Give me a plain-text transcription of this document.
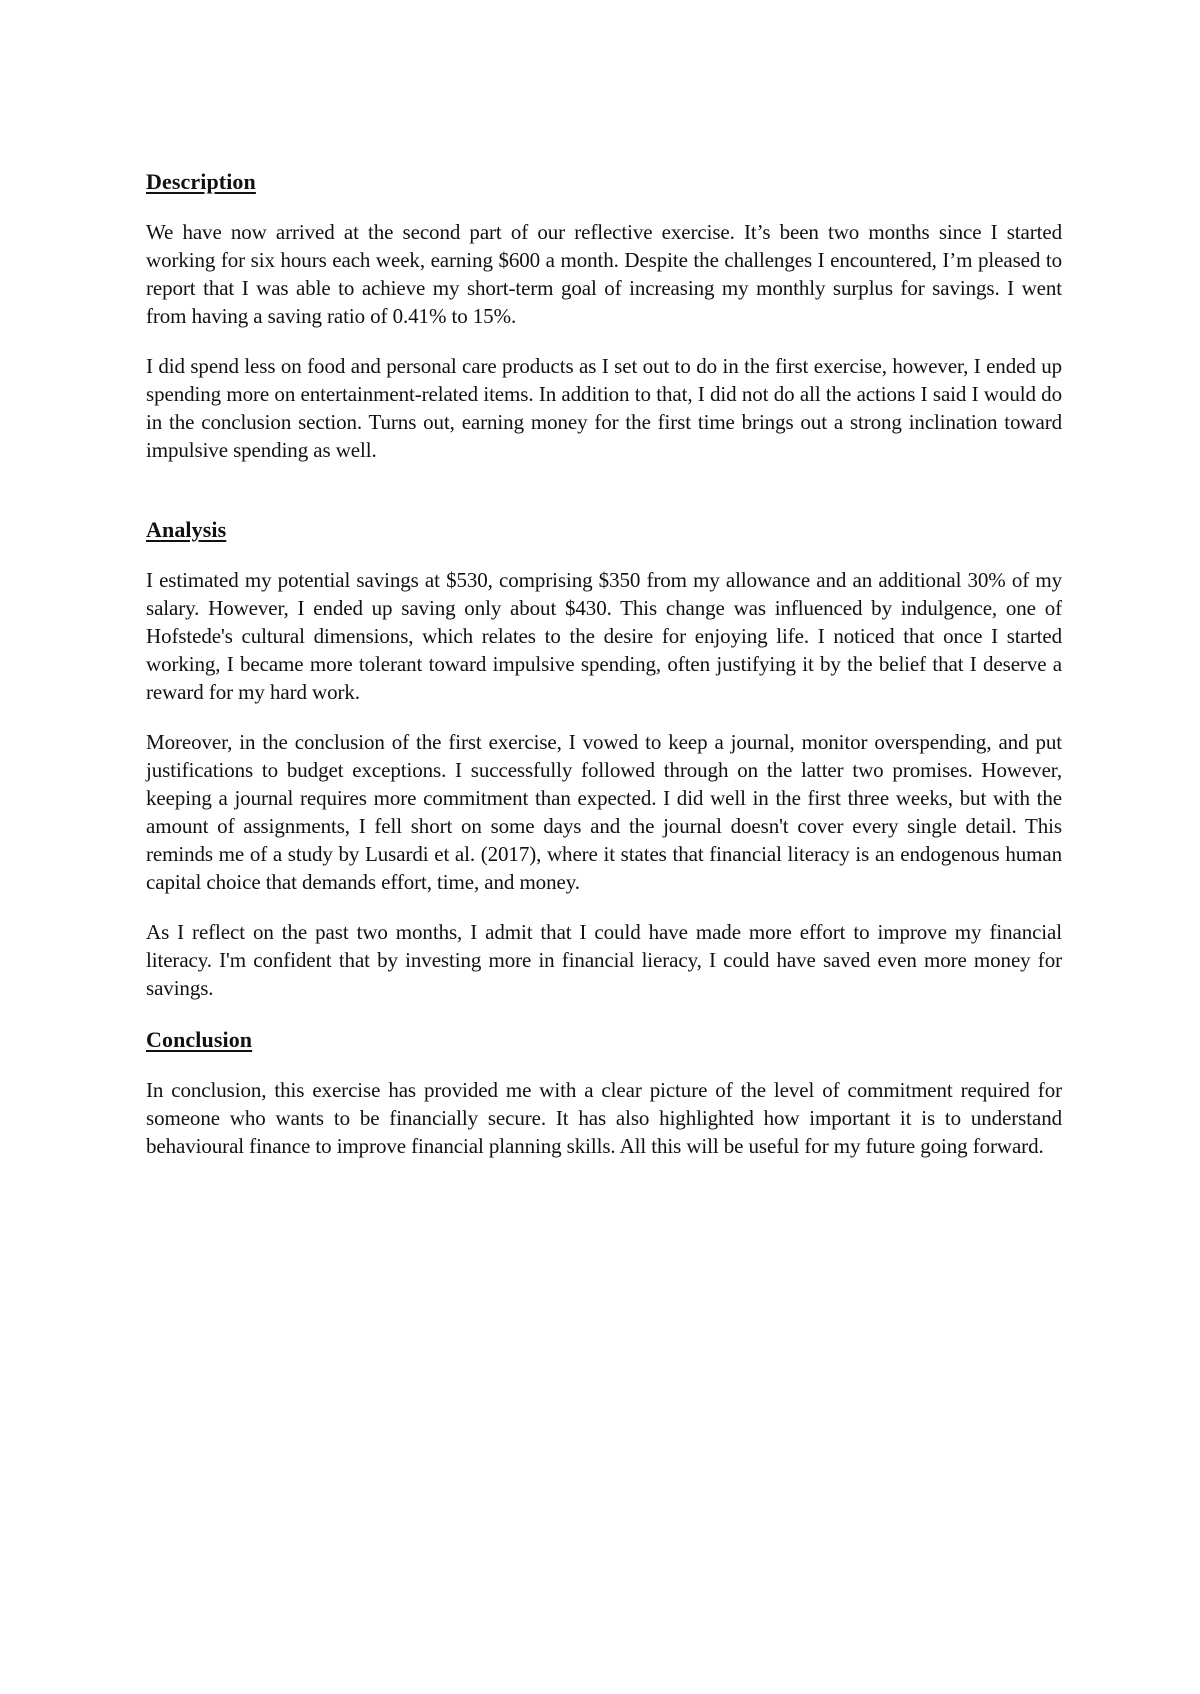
Description

We have now arrived at the second part of our reflective exercise. It’s been two months since I started working for six hours each week, earning $600 a month. Despite the challenges I encountered, I’m pleased to report that I was able to achieve my short-term goal of increasing my monthly surplus for savings. I went from having a saving ratio of 0.41% to 15%.

I did spend less on food and personal care products as I set out to do in the first exercise, however, I ended up spending more on entertainment-related items. In addition to that, I did not do all the actions I said I would do in the conclusion section. Turns out, earning money for the first time brings out a strong inclination toward impulsive spending as well.

Analysis

I estimated my potential savings at $530, comprising $350 from my allowance and an additional 30% of my salary. However, I ended up saving only about $430. This change was influenced by indulgence, one of Hofstede's cultural dimensions, which relates to the desire for enjoying life. I noticed that once I started working, I became more tolerant toward impulsive spending, often justifying it by the belief that I deserve a reward for my hard work.

Moreover, in the conclusion of the first exercise, I vowed to keep a journal, monitor overspending, and put justifications to budget exceptions. I successfully followed through on the latter two promises. However, keeping a journal requires more commitment than expected. I did well in the first three weeks, but with the amount of assignments, I fell short on some days and the journal doesn't cover every single detail. This reminds me of a study by Lusardi et al. (2017), where it states that financial literacy is an endogenous human capital choice that demands effort, time, and money.

As I reflect on the past two months, I admit that I could have made more effort to improve my financial literacy. I'm confident that by investing more in financial lieracy, I could have saved even more money for savings.

Conclusion

In conclusion, this exercise has provided me with a clear picture of the level of commitment required for someone who wants to be financially secure. It has also highlighted how important it is to understand behavioural finance to improve financial planning skills. All this will be useful for my future going forward.
